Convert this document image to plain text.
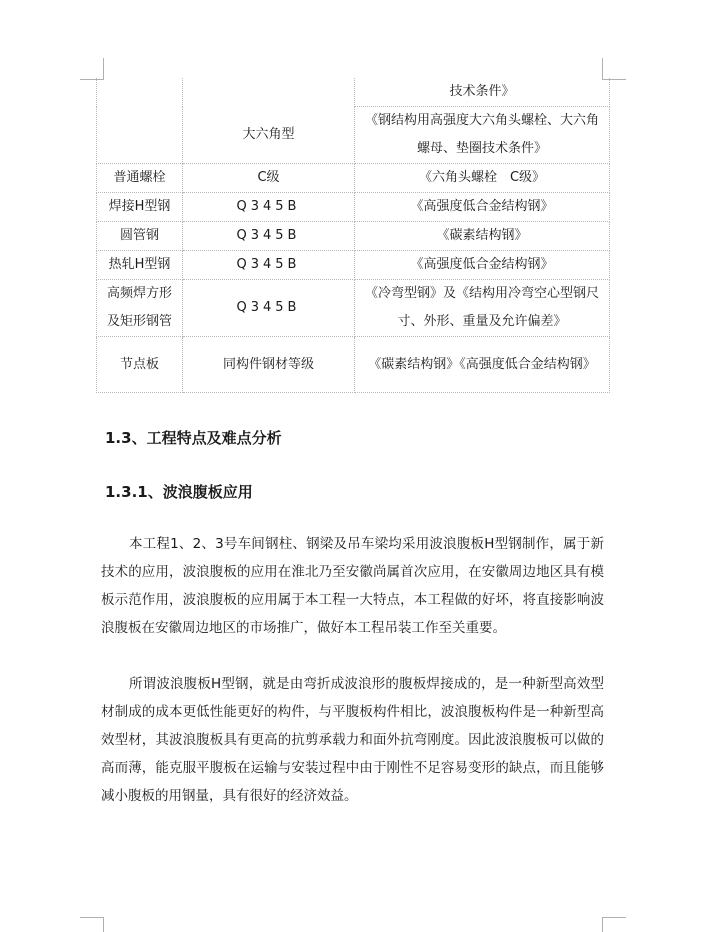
		技术条件》
	大六角型	《钢结构用高强度大六角头螺栓、大六角螺母、垫圈技术条件》
普通螺栓	C级	《六角头螺栓　C级》
焊接H型钢	Q345B	《高强度低合金结构钢》
圆管钢	Q345B	《碳素结构钢》
热轧H型钢	Q345B	《高强度低合金结构钢》
高频焊方形及矩形钢管	Q345B	《冷弯型钢》及《结构用冷弯空心型钢尺寸、外形、重量及允许偏差》
节点板	同构件钢材等级	《碳素结构钢》《高强度低合金结构钢》
1.3、工程特点及难点分析
1.3.1、波浪腹板应用

本工程1、2、3号车间钢柱、钢梁及吊车梁均采用波浪腹板H型钢制作，属于新技术的应用，波浪腹板的应用在淮北乃至安徽尚属首次应用，在安徽周边地区具有模板示范作用，波浪腹板的应用属于本工程一大特点，本工程做的好坏，将直接影响波浪腹板在安徽周边地区的市场推广，做好本工程吊装工作至关重要。

所谓波浪腹板H型钢，就是由弯折成波浪形的腹板焊接成的，是一种新型高效型材制成的成本更低性能更好的构件，与平腹板构件相比，波浪腹板构件是一种新型高效型材，其波浪腹板具有更高的抗剪承载力和面外抗弯刚度。因此波浪腹板可以做的高而薄，能克服平腹板在运输与安装过程中由于刚性不足容易变形的缺点，而且能够减小腹板的用钢量，具有很好的经济效益。
